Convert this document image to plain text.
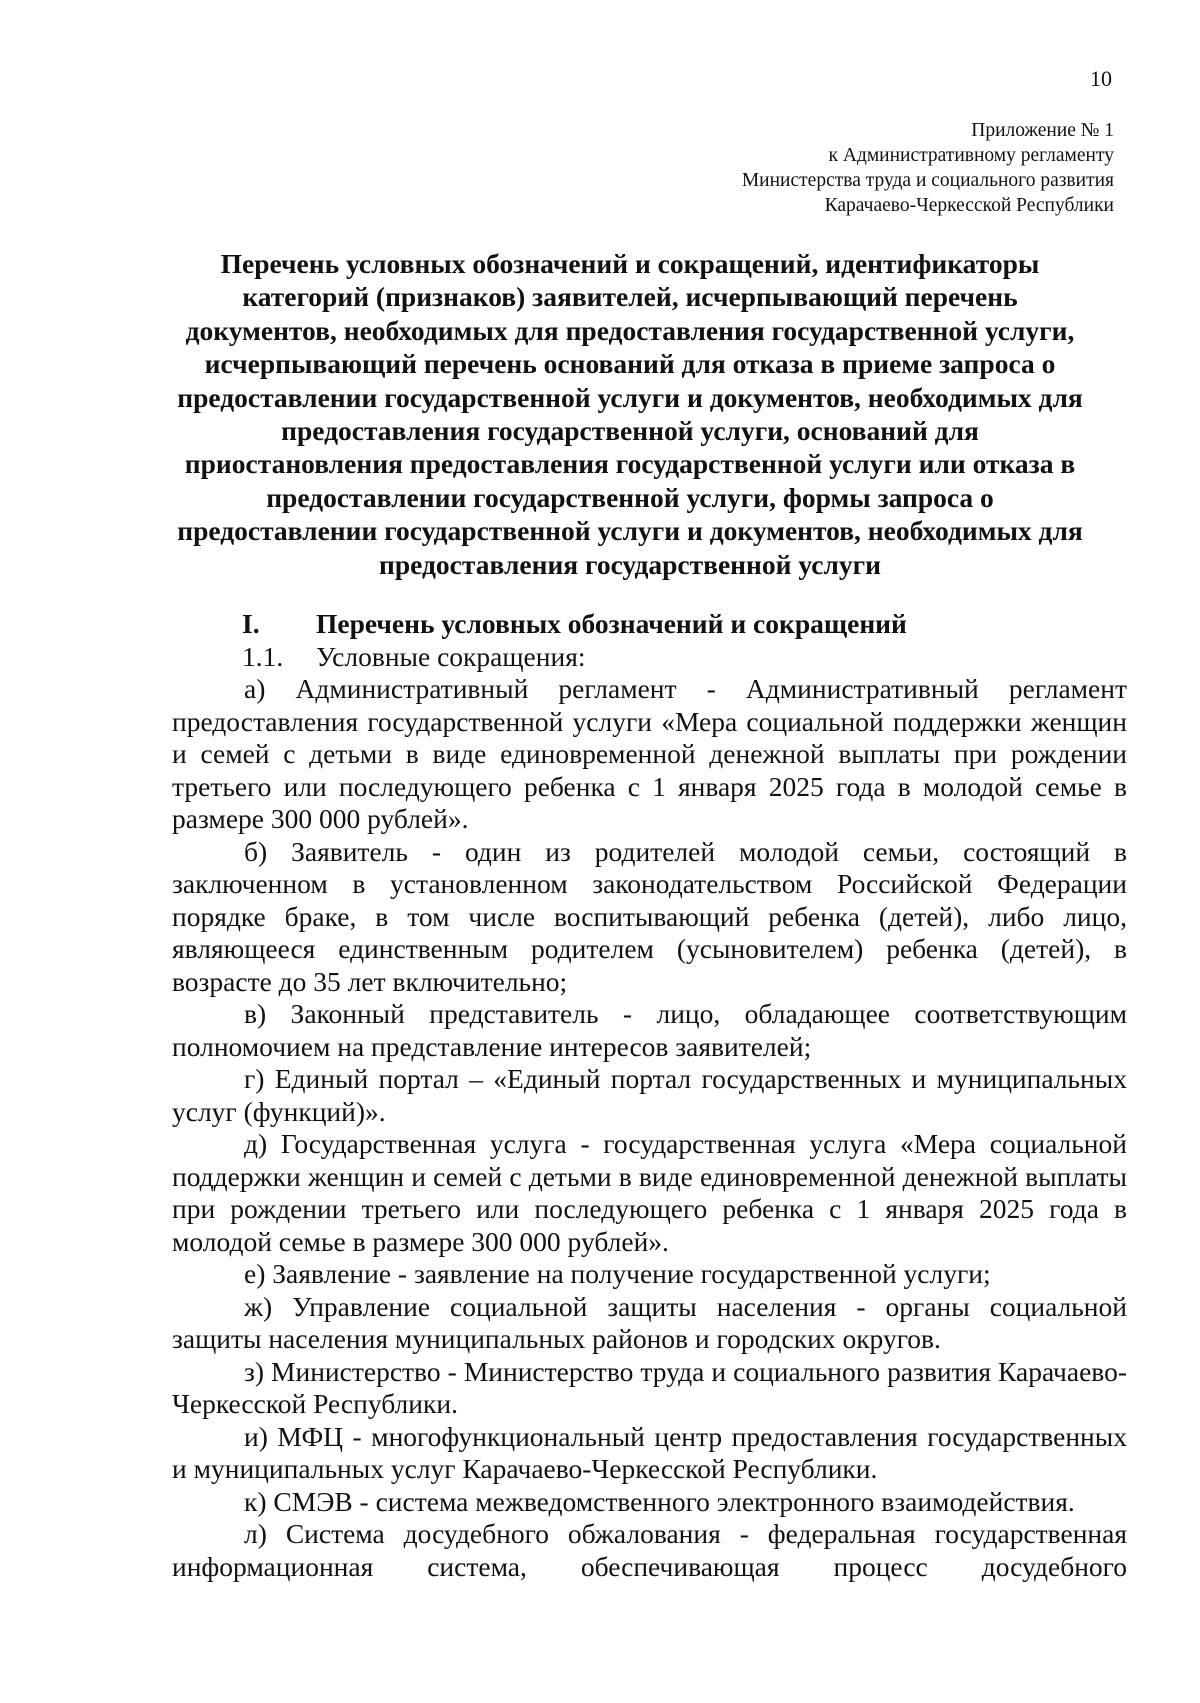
10
Приложение № 1
к Административному регламенту
Министерства труда и социального развития
Карачаево-Черкесской Республики
Перечень условных обозначений и сокращений, идентификаторы
категорий (признаков) заявителей, исчерпывающий перечень
документов, необходимых для предоставления государственной услуги,
исчерпывающий перечень оснований для отказа в приеме запроса о
предоставлении государственной услуги и документов, необходимых для
предоставления государственной услуги, оснований для
приостановления предоставления государственной услуги или отказа в
предоставлении государственной услуги, формы запроса о
предоставлении государственной услуги и документов, необходимых для
предоставления государственной услуги
I.	Перечень условных обозначений и сокращений
1.1.	Условные сокращения:

а) Административный регламент - Административный регламент предоставления государственной услуги «Мера социальной поддержки женщин и семей с детьми в виде единовременной денежной выплаты при рождении третьего или последующего ребенка с 1 января 2025 года в молодой семье в размере 300 000 рублей».

б) Заявитель - один из родителей молодой семьи, состоящий в заключенном в установленном законодательством Российской Федерации порядке браке, в том числе воспитывающий ребенка (детей), либо лицо, являющееся единственным родителем (усыновителем) ребенка (детей), в возрасте до 35 лет включительно;

в) Законный представитель - лицо, обладающее соответствующим полномочием на представление интересов заявителей;

г) Единый портал – «Единый портал государственных и муниципальных услуг (функций)».

д) Государственная услуга - государственная услуга «Мера социальной поддержки женщин и семей с детьми в виде единовременной денежной выплаты при рождении третьего или последующего ребенка с 1 января 2025 года в молодой семье в размере 300 000 рублей».

е) Заявление - заявление на получение государственной услуги;

ж) Управление социальной защиты населения - органы социальной защиты населения муниципальных районов и городских округов.

з) Министерство - Министерство труда и социального развития Карачаево- Черкесской Республики.

и) МФЦ - многофункциональный центр предоставления государственных и муниципальных услуг Карачаево-Черкесской Республики.

к) СМЭВ - система межведомственного электронного взаимодействия.

л) Система досудебного обжалования - федеральная государственная информационная система, обеспечивающая процесс досудебного
